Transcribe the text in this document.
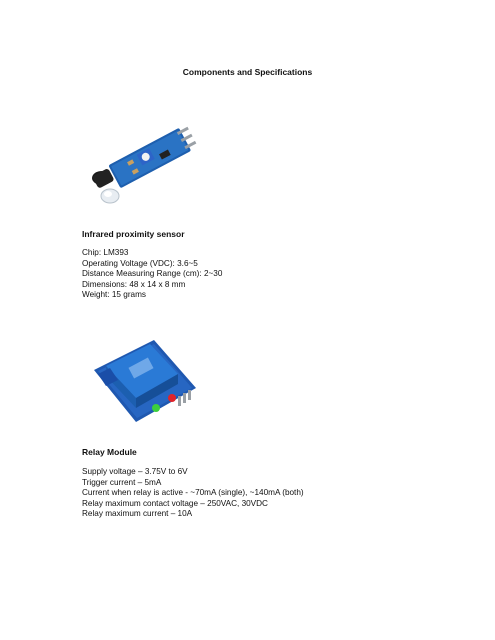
Components and Specifications
Infrared proximity sensor
Chip: LM393
Operating Voltage (VDC): 3.6~5
Distance Measuring Range (cm): 2~30
Dimensions: 48 x 14 x 8 mm
Weight: 15 grams
Relay Module
Supply voltage – 3.75V to 6V
Trigger current – 5mA
Current when relay is active - ~70mA (single), ~140mA (both)
Relay maximum contact voltage – 250VAC, 30VDC
Relay maximum current – 10A
